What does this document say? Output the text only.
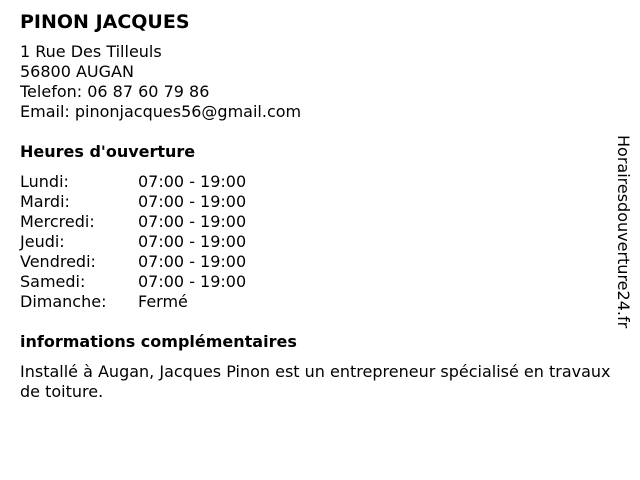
PINON JACQUES
1 Rue Des Tilleuls
56800 AUGAN
Telefon: 06 87 60 79 86
Email: pinonjacques56@gmail.com
Heures d'ouverture
Lundi:	07:00 - 19:00
Mardi:	07:00 - 19:00
Mercredi:	07:00 - 19:00
Jeudi:	07:00 - 19:00
Vendredi:	07:00 - 19:00
Samedi:	07:00 - 19:00
Dimanche:	Fermé
informations complémentaires
Installé à Augan, Jacques Pinon est un entrepreneur spécialisé en travaux de toiture.
Horairesdouverture24.fr
